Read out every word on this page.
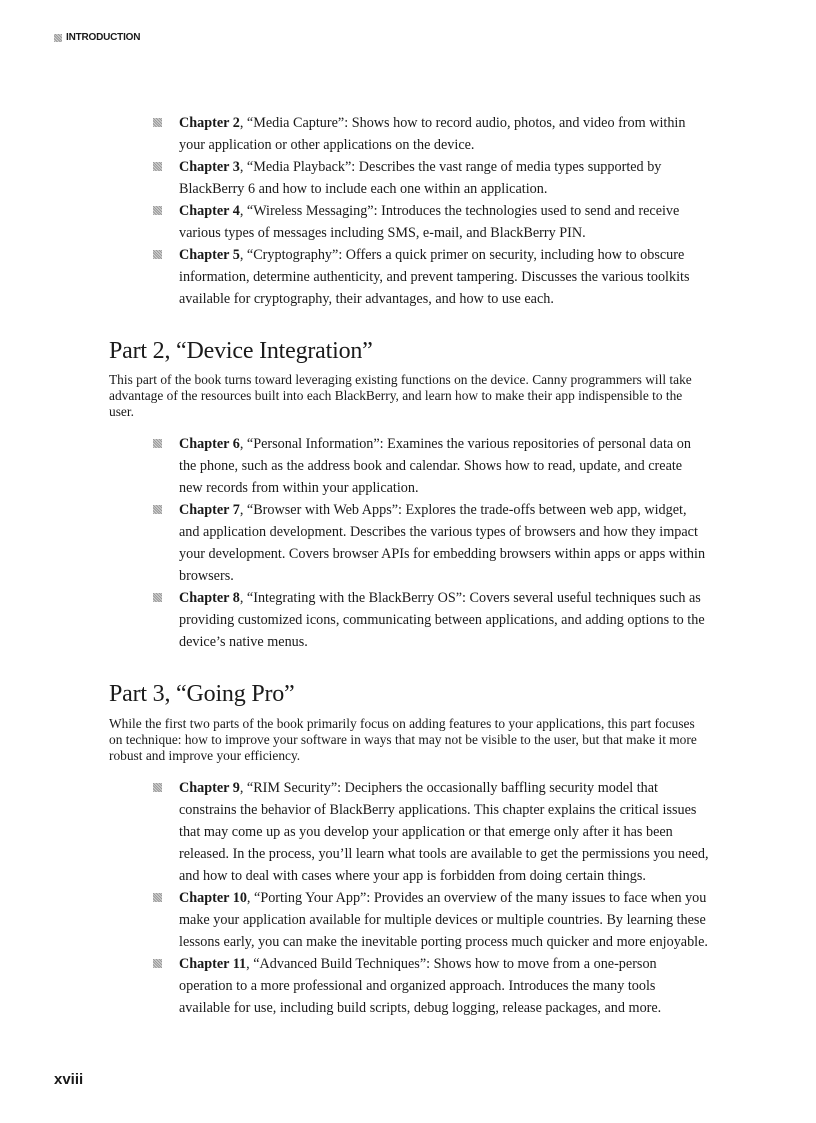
INTRODUCTION
Chapter 2, “Media Capture”: Shows how to record audio, photos, and video from within your application or other applications on the device.
Chapter 3, “Media Playback”: Describes the vast range of media types supported by BlackBerry 6 and how to include each one within an application.
Chapter 4, “Wireless Messaging”: Introduces the technologies used to send and receive various types of messages including SMS, e-mail, and BlackBerry PIN.
Chapter 5, “Cryptography”: Offers a quick primer on security, including how to obscure information, determine authenticity, and prevent tampering. Discusses the various toolkits available for cryptography, their advantages, and how to use each.
Part 2, “Device Integration”

This part of the book turns toward leveraging existing functions on the device. Canny programmers will take advantage of the resources built into each BlackBerry, and learn how to make their app indispensible to the user.

Chapter 6, “Personal Information”: Examines the various repositories of personal data on the phone, such as the address book and calendar. Shows how to read, update, and create new records from within your application.
Chapter 7, “Browser with Web Apps”: Explores the trade-offs between web app, widget, and application development. Describes the various types of browsers and how they impact your development. Covers browser APIs for embedding browsers within apps or apps within browsers.
Chapter 8, “Integrating with the BlackBerry OS”: Covers several useful techniques such as providing customized icons, communicating between applications, and adding options to the device’s native menus.
Part 3, “Going Pro”

While the first two parts of the book primarily focus on adding features to your applications, this part focuses on technique: how to improve your software in ways that may not be visible to the user, but that make it more robust and improve your efficiency.

Chapter 9, “RIM Security”: Deciphers the occasionally baffling security model that constrains the behavior of BlackBerry applications. This chapter explains the critical issues that may come up as you develop your application or that emerge only after it has been released. In the process, you’ll learn what tools are available to get the permissions you need, and how to deal with cases where your app is forbidden from doing certain things.
Chapter 10, “Porting Your App”: Provides an overview of the many issues to face when you make your application available for multiple devices or multiple countries. By learning these lessons early, you can make the inevitable porting process much quicker and more enjoyable.
Chapter 11, “Advanced Build Techniques”: Shows how to move from a one-person operation to a more professional and organized approach. Introduces the many tools available for use, including build scripts, debug logging, release packages, and more.
xviii
